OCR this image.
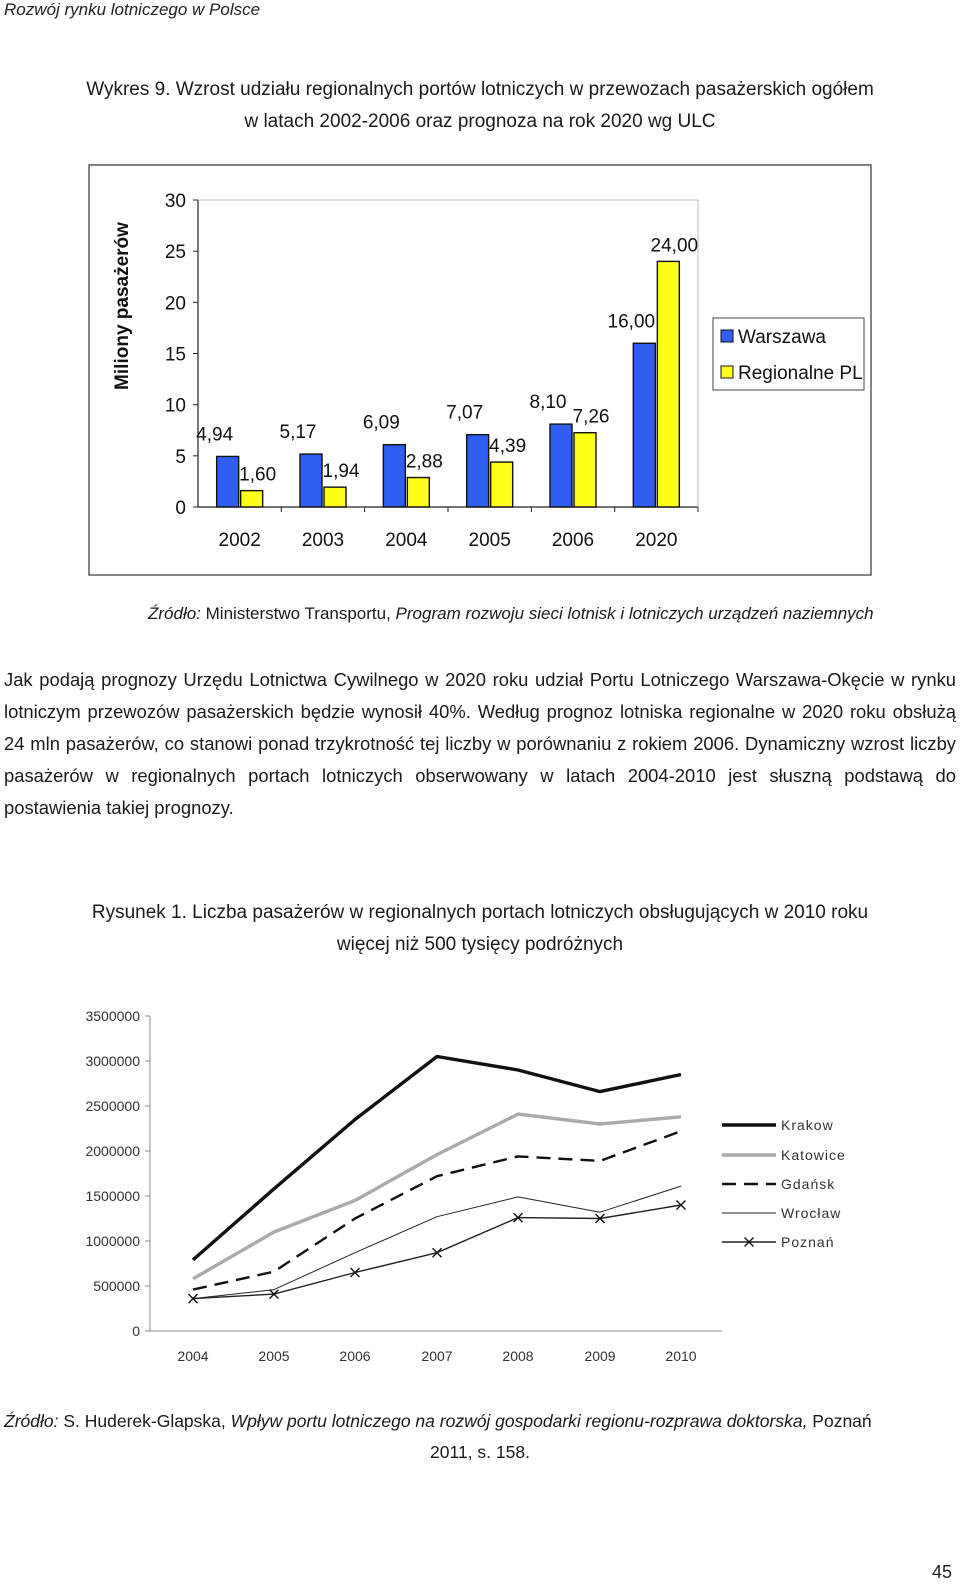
Rozwój rynku lotniczego w Polsce
Wykres 9. Wzrost udziału regionalnych portów lotniczych w przewozach pasażerskich ogółem
w latach 2002-2006 oraz prognoza na rok 2020 wg ULC
Miliony pasażerów
0
5
10
15
20
25
30
2002
4,94
1,60
2003
5,17
1,94
2004
6,09
2,88
2005
7,07
4,39
2006
8,10
7,26
2020
16,00
24,00
Warszawa
Regionalne PL
Źródło: Ministerstwo Transportu, Program rozwoju sieci lotnisk i lotniczych urządzeń naziemnych

Jak podają prognozy Urzędu Lotnictwa Cywilnego w 2020 roku udział Portu Lotniczego Warszawa-Okęcie w rynku lotniczym przewozów pasażerskich będzie wynosił 40%. Według prognoz lotniska regionalne w 2020 roku obsłużą 24 mln pasażerów, co stanowi ponad trzykrotność tej liczby w porównaniu z rokiem 2006. Dynamiczny wzrost liczby pasażerów w regionalnych portach lotniczych obserwowany w latach 2004-2010 jest słuszną podstawą do postawienia takiej prognozy.

Rysunek 1. Liczba pasażerów w regionalnych portach lotniczych obsługujących w 2010 roku
więcej niż 500 tysięcy podróżnych
0
500000
1000000
1500000
2000000
2500000
3000000
3500000
2004	2005	2006	2007	2008	2009	2010
Krakow
Katowice
Gdańsk
Wrocław
Poznań
Źródło: S. Huderek-Glapska, Wpływ portu lotniczego na rozwój gospodarki regionu-rozprawa doktorska, Poznań
2011, s. 158.
45
